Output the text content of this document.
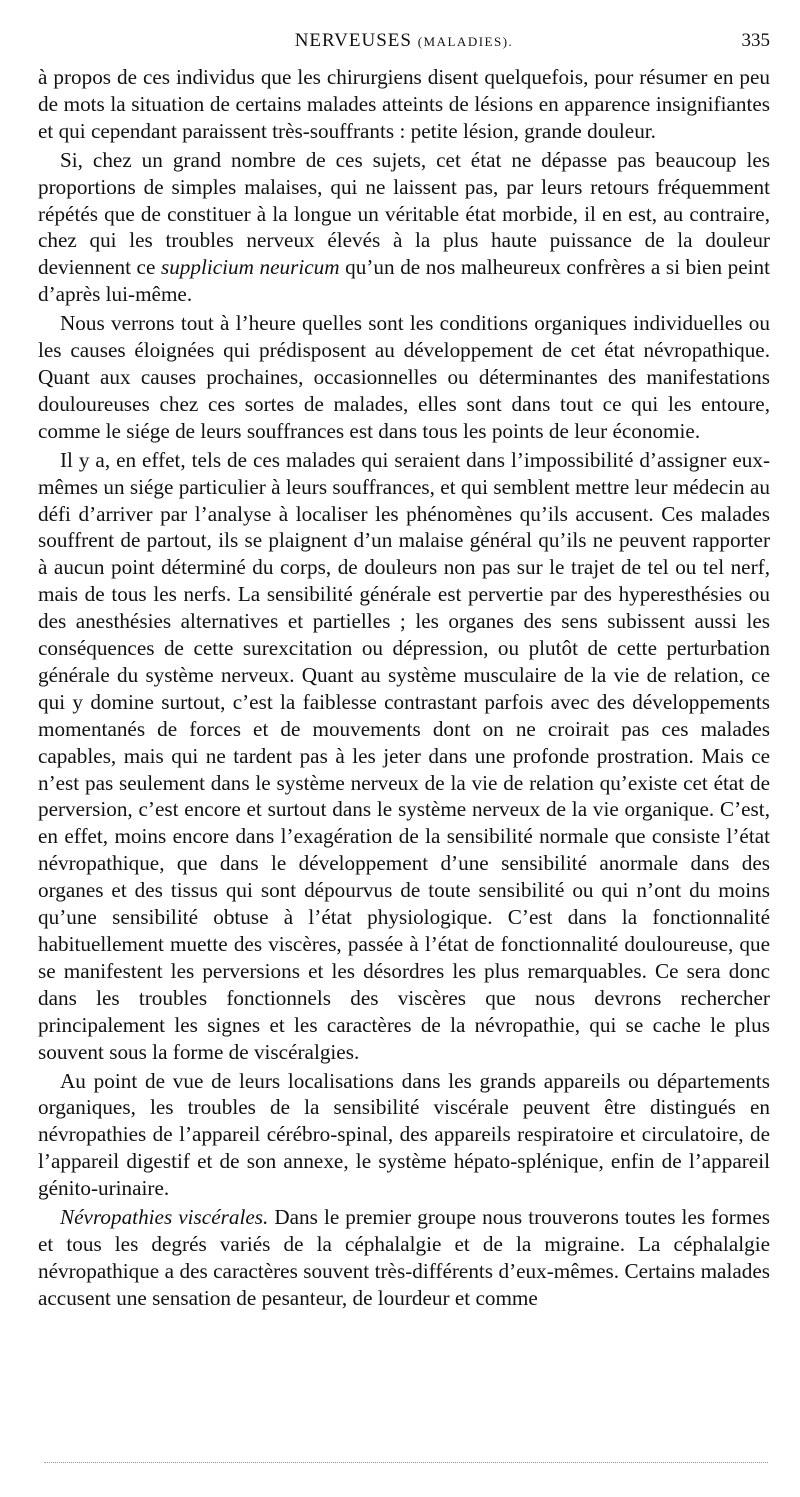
NERVEUSES (MALADIES).	335

à propos de ces individus que les chirurgiens disent quelquefois, pour résumer en peu de mots la situation de certains malades atteints de lésions en apparence insignifiantes et qui cependant paraissent très-souffrants : petite lésion, grande douleur.

Si, chez un grand nombre de ces sujets, cet état ne dépasse pas beaucoup les proportions de simples malaises, qui ne laissent pas, par leurs retours fréquemment répétés que de constituer à la longue un véritable état morbide, il en est, au contraire, chez qui les troubles nerveux élevés à la plus haute puissance de la douleur deviennent ce supplicium neuricum qu’un de nos malheureux confrères a si bien peint d’après lui-même.

Nous verrons tout à l’heure quelles sont les conditions organiques individuelles ou les causes éloignées qui prédisposent au développement de cet état névropathique. Quant aux causes prochaines, occasionnelles ou déterminantes des manifestations douloureuses chez ces sortes de malades, elles sont dans tout ce qui les entoure, comme le siége de leurs souffrances est dans tous les points de leur économie.

Il y a, en effet, tels de ces malades qui seraient dans l’impossibilité d’assigner eux-mêmes un siége particulier à leurs souffrances, et qui semblent mettre leur médecin au défi d’arriver par l’analyse à localiser les phénomènes qu’ils accusent. Ces malades souffrent de partout, ils se plaignent d’un malaise général qu’ils ne peuvent rapporter à aucun point déterminé du corps, de douleurs non pas sur le trajet de tel ou tel nerf, mais de tous les nerfs. La sensibilité générale est pervertie par des hyperesthésies ou des anesthésies alternatives et partielles ; les organes des sens subissent aussi les conséquences de cette surexcitation ou dépression, ou plutôt de cette perturbation générale du système nerveux. Quant au système musculaire de la vie de relation, ce qui y domine surtout, c’est la faiblesse contrastant parfois avec des développements momentanés de forces et de mouvements dont on ne croirait pas ces malades capables, mais qui ne tardent pas à les jeter dans une profonde prostration. Mais ce n’est pas seulement dans le système nerveux de la vie de relation qu’existe cet état de perversion, c’est encore et surtout dans le système nerveux de la vie organique. C’est, en effet, moins encore dans l’exagération de la sensibilité normale que consiste l’état névropathique, que dans le développement d’une sensibilité anormale dans des organes et des tissus qui sont dépourvus de toute sensibilité ou qui n’ont du moins qu’une sensibilité obtuse à l’état physiologique. C’est dans la fonctionnalité habituellement muette des viscères, passée à l’état de fonctionnalité douloureuse, que se manifestent les perversions et les désordres les plus remarquables. Ce sera donc dans les troubles fonctionnels des viscères que nous devrons rechercher principalement les signes et les caractères de la névropathie, qui se cache le plus souvent sous la forme de viscéralgies.

Au point de vue de leurs localisations dans les grands appareils ou départements organiques, les troubles de la sensibilité viscérale peuvent être distingués en névropathies de l’appareil cérébro-spinal, des appareils respiratoire et circulatoire, de l’appareil digestif et de son annexe, le système hépato-splénique, enfin de l’appareil génito-urinaire.

Névropathies viscérales. Dans le premier groupe nous trouverons toutes les formes et tous les degrés variés de la céphalalgie et de la migraine. La céphalalgie névropathique a des caractères souvent très-différents d’eux-mêmes. Certains malades accusent une sensation de pesanteur, de lourdeur et comme
